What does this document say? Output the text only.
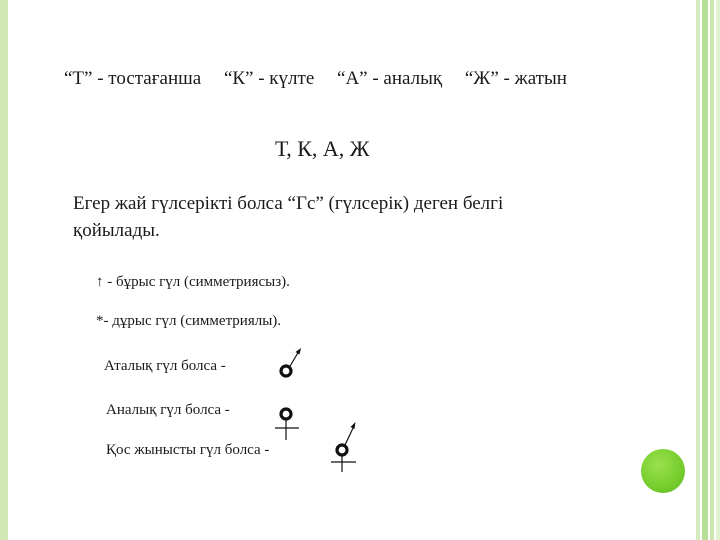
“Т” - тостағанша “К” - күлте “А” - аналық “Ж” - жатын
Т, К, А, Ж
Егер жай гүлсерікті болса “Гс” (гүлсерік) деген белгі қойылады.
↑ - бұрыс гүл (симметриясыз).
*- дұрыс гүл (симметриялы).
Аталық гүл болса -
Аналық гүл болса -
Қос жынысты гүл болса -
